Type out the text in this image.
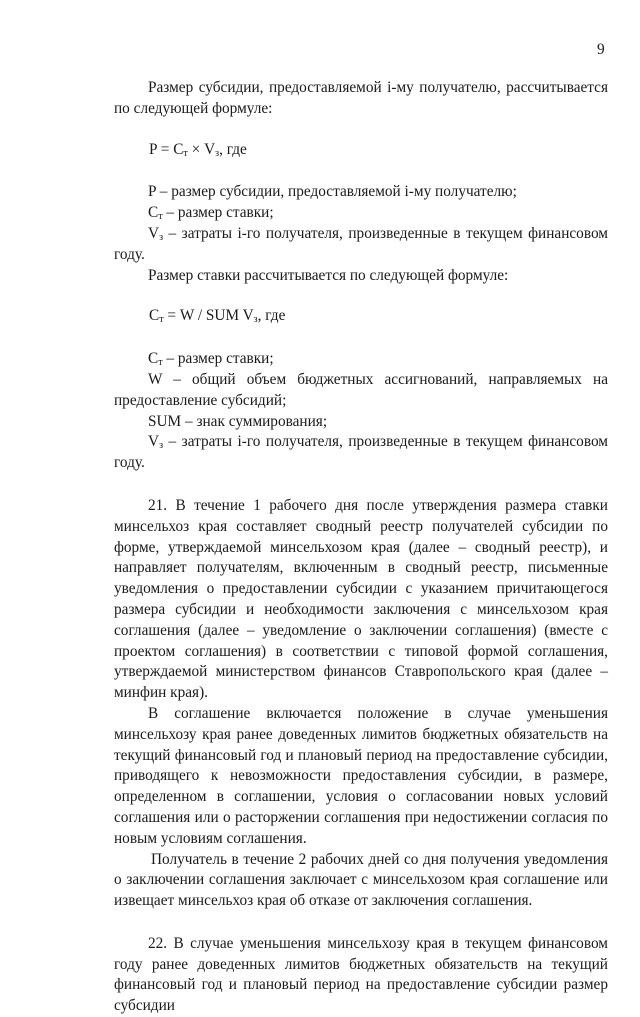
9

Размер субсидии, предоставляемой i-му получателю, рассчитывается по следующей формуле:

$P = C_т \times V_з$, где

P – размер субсидии, предоставляемой i-му получателю;

$C_т$ – размер ставки;

$V_з$ – затраты i-го получателя, произведенные в текущем финансовом году.

Размер ставки рассчитывается по следующей формуле:

$C_т = W$ / SUM $V_з$, где

$C_т$ – размер ставки;

W – общий объем бюджетных ассигнований, направляемых на предоставление субсидий;

SUM – знак суммирования;

$V_з$ – затраты i-го получателя, произведенные в текущем финансовом году.

21. В течение 1 рабочего дня после утверждения размера ставки минсельхоз края составляет сводный реестр получателей субсидии по форме, утверждаемой минсельхозом края (далее – сводный реестр), и направляет получателям, включенным в сводный реестр, письменные уведомления о предоставлении субсидии с указанием причитающегося размера субсидии и необходимости заключения с минсельхозом края соглашения (далее – уведомление о заключении соглашения) (вместе с проектом соглашения) в соответствии с типовой формой соглашения, утверждаемой министерством финансов Ставропольского края (далее – минфин края).

В соглашение включается положение в случае уменьшения минсельхозу края ранее доведенных лимитов бюджетных обязательств на текущий финансовый год и плановый период на предоставление субсидии, приводящего к невозможности предоставления субсидии, в размере, определенном в соглашении, условия о согласовании новых условий соглашения или о расторжении соглашения при недостижении согласия по новым условиям соглашения.

Получатель в течение 2 рабочих дней со дня получения уведомления о заключении соглашения заключает с минсельхозом края соглашение или извещает минсельхоз края об отказе от заключения соглашения.

22. В случае уменьшения минсельхозу края в текущем финансовом году ранее доведенных лимитов бюджетных обязательств на текущий финансовый год и плановый период на предоставление субсидии размер субсидии
